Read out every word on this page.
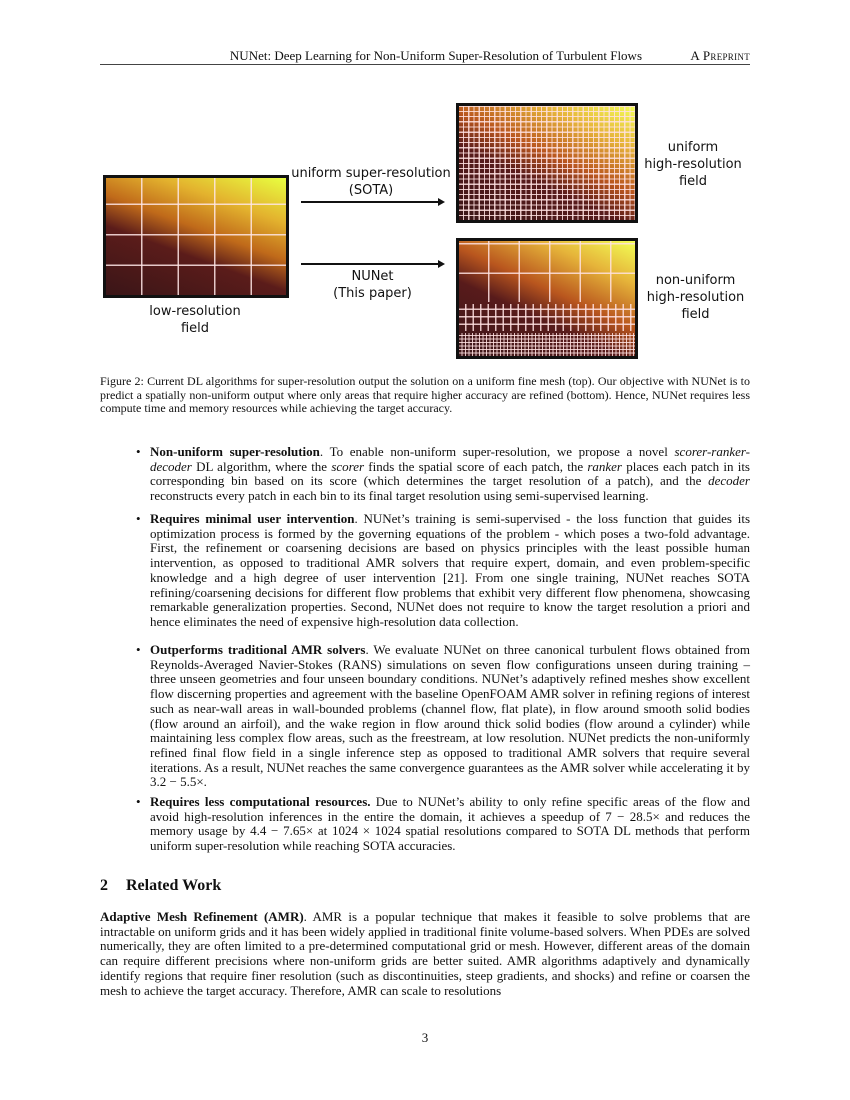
NUNet: Deep Learning for Non-Uniform Super-Resolution of Turbulent Flows	A Preprint
low-resolution
field
uniform super-resolution
(SOTA)
NUNet
(This paper)
uniform
high-resolution
field
non-uniform
high-resolution
field
Figure 2: Current DL algorithms for super-resolution output the solution on a uniform fine mesh (top). Our objective with NUNet is to predict a spatially non-uniform output where only areas that require higher accuracy are refined (bottom). Hence, NUNet requires less compute time and memory resources while achieving the target accuracy.
• Non-uniform super-resolution. To enable non-uniform super-resolution, we propose a novel scorer-ranker-decoder DL algorithm, where the scorer finds the spatial score of each patch, the ranker places each patch in its corresponding bin based on its score (which determines the target resolution of a patch), and the decoder reconstructs every patch in each bin to its final target resolution using semi-supervised learning.
• Requires minimal user intervention. NUNet’s training is semi-supervised - the loss function that guides its optimization process is formed by the governing equations of the problem - which poses a two-fold advantage. First, the refinement or coarsening decisions are based on physics principles with the least possible human intervention, as opposed to traditional AMR solvers that require expert, domain, and even problem-specific knowledge and a high degree of user intervention [21]. From one single training, NUNet reaches SOTA refining/coarsening decisions for different flow problems that exhibit very different flow phenomena, showcasing remarkable generalization properties. Second, NUNet does not require to know the target resolution a priori and hence eliminates the need of expensive high-resolution data collection.
• Outperforms traditional AMR solvers. We evaluate NUNet on three canonical turbulent flows obtained from Reynolds-Averaged Navier-Stokes (RANS) simulations on seven flow configurations unseen during training – three unseen geometries and four unseen boundary conditions. NUNet’s adaptively refined meshes show excellent flow discerning properties and agreement with the baseline OpenFOAM AMR solver in refining regions of interest such as near-wall areas in wall-bounded problems (channel flow, flat plate), in flow around smooth solid bodies (flow around an airfoil), and the wake region in flow around thick solid bodies (flow around a cylinder) while maintaining less complex flow areas, such as the freestream, at low resolution. NUNet predicts the non-uniformly refined final flow field in a single inference step as opposed to traditional AMR solvers that require several iterations. As a result, NUNet reaches the same convergence guarantees as the AMR solver while accelerating it by 3.2 − 5.5×.
• Requires less computational resources. Due to NUNet’s ability to only refine specific areas of the flow and avoid high-resolution inferences in the entire the domain, it achieves a speedup of 7 − 28.5× and reduces the memory usage by 4.4 − 7.65× at 1024 × 1024 spatial resolutions compared to SOTA DL methods that perform uniform super-resolution while reaching SOTA accuracies.
2 Related Work
Adaptive Mesh Refinement (AMR). AMR is a popular technique that makes it feasible to solve problems that are intractable on uniform grids and it has been widely applied in traditional finite volume-based solvers. When PDEs are solved numerically, they are often limited to a pre-determined computational grid or mesh. However, different areas of the domain can require different precisions where non-uniform grids are better suited. AMR algorithms adaptively and dynamically identify regions that require finer resolution (such as discontinuities, steep gradients, and shocks) and refine or coarsen the mesh to achieve the target accuracy. Therefore, AMR can scale to resolutions
3
